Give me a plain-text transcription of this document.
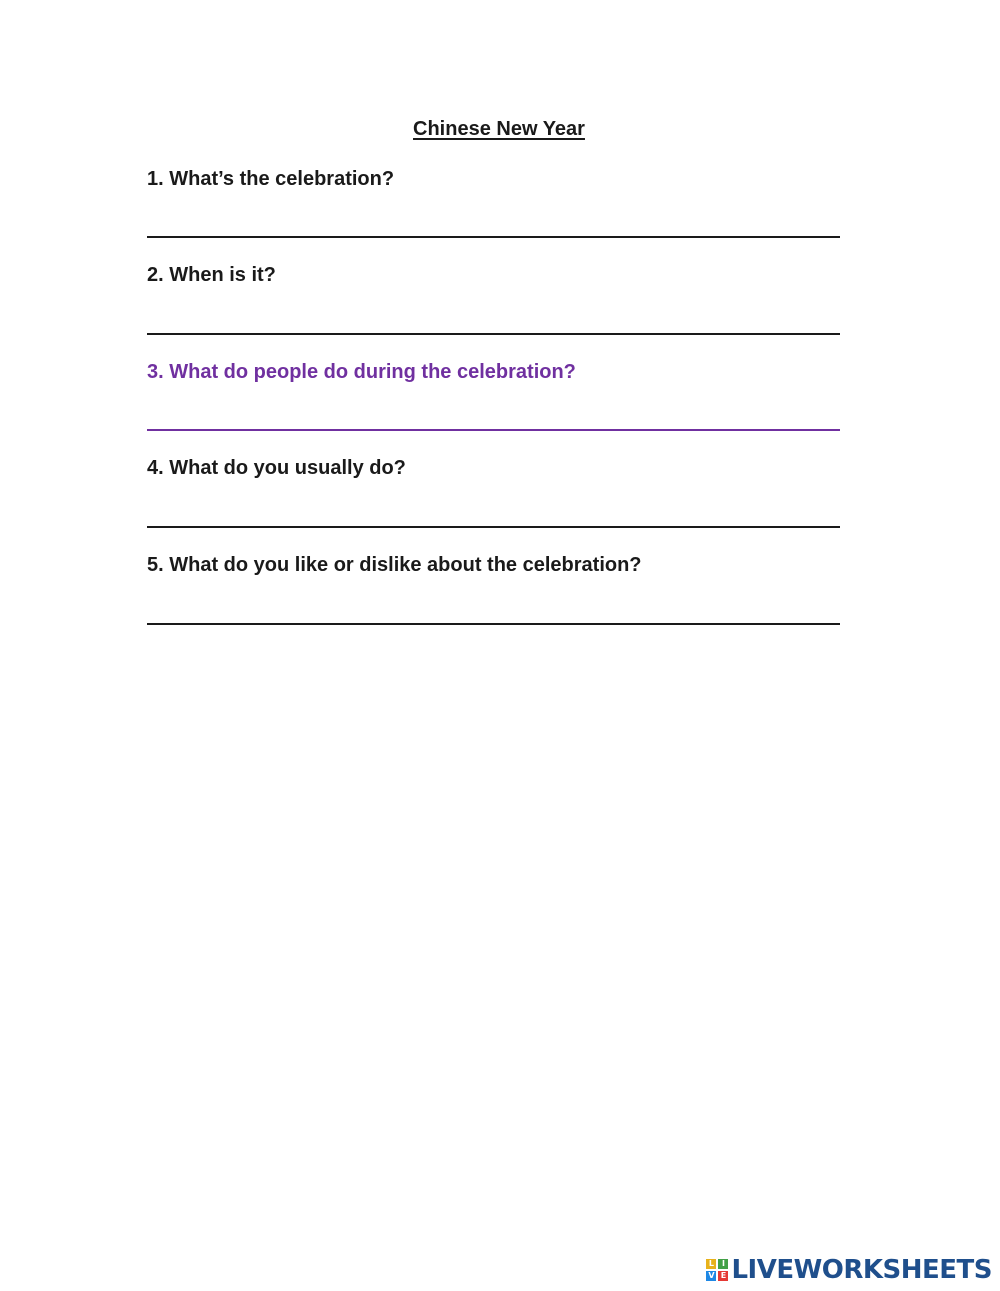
Chinese New Year
1. What’s the celebration?
2. When is it?
3. What do people do during the celebration?
4. What do you usually do?
5. What do you like or dislike about the celebration?
L I
V E LIVEWORKSHEETS
